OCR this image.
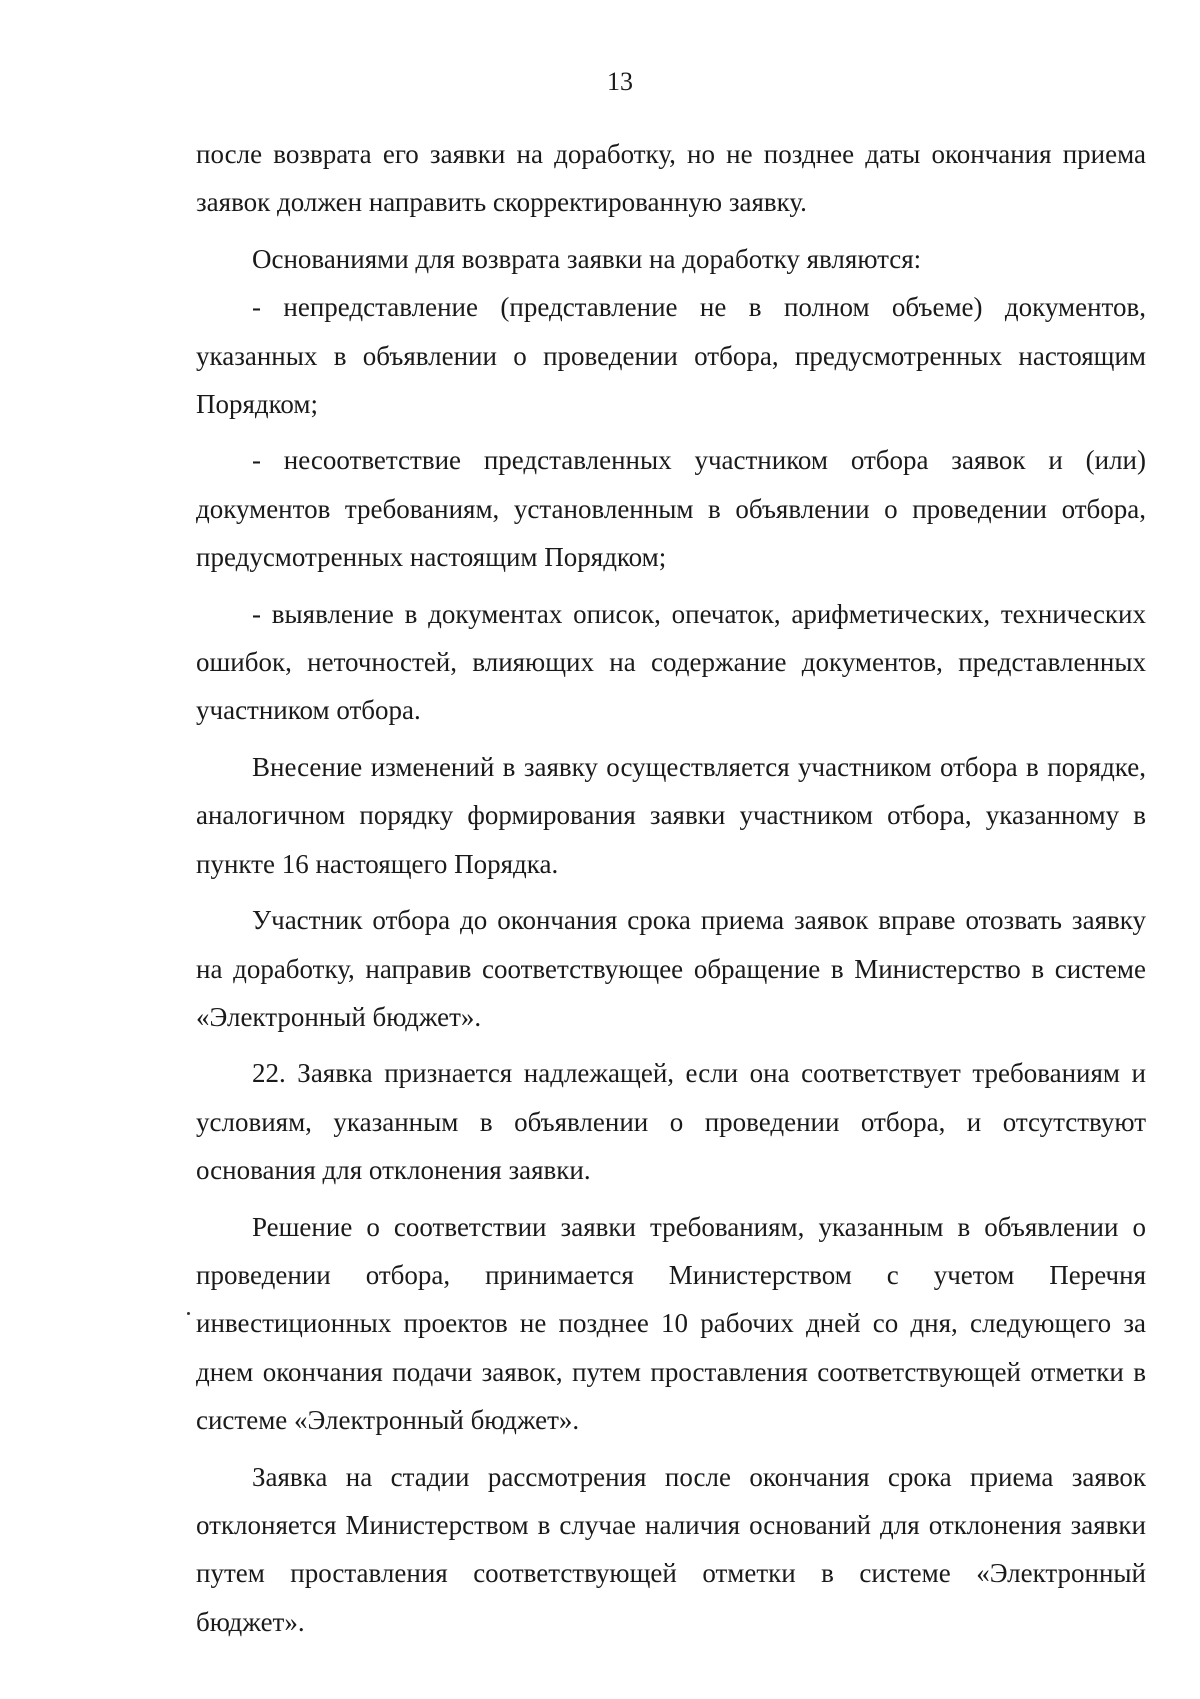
13

после возврата его заявки на доработку, но не позднее даты окончания приема заявок должен направить скорректированную заявку.

Основаниями для возврата заявки на доработку являются:

- непредставление (представление не в полном объеме) документов, указанных в объявлении о проведении отбора, предусмотренных настоящим Порядком;

- несоответствие представленных участником отбора заявок и (или) документов требованиям, установленным в объявлении о проведении отбора, предусмотренных настоящим Порядком;

- выявление в документах описок, опечаток, арифметических, технических ошибок, неточностей, влияющих на содержание документов, представленных участником отбора.

Внесение изменений в заявку осуществляется участником отбора в порядке, аналогичном порядку формирования заявки участником отбора, указанному в пункте 16 настоящего Порядка.

Участник отбора до окончания срока приема заявок вправе отозвать заявку на доработку, направив соответствующее обращение в Министерство в системе «Электронный бюджет».

22. Заявка признается надлежащей, если она соответствует требованиям и условиям, указанным в объявлении о проведении отбора, и отсутствуют основания для отклонения заявки.

Решение о соответствии заявки требованиям, указанным в объявлении о проведении отбора, принимается Министерством с учетом Перечня инвестиционных проектов не позднее 10 рабочих дней со дня, следующего за днем окончания подачи заявок, путем проставления соответствующей отметки в системе «Электронный бюджет».

Заявка на стадии рассмотрения после окончания срока приема заявок отклоняется Министерством в случае наличия оснований для отклонения заявки путем проставления соответствующей отметки в системе «Электронный бюджет».
